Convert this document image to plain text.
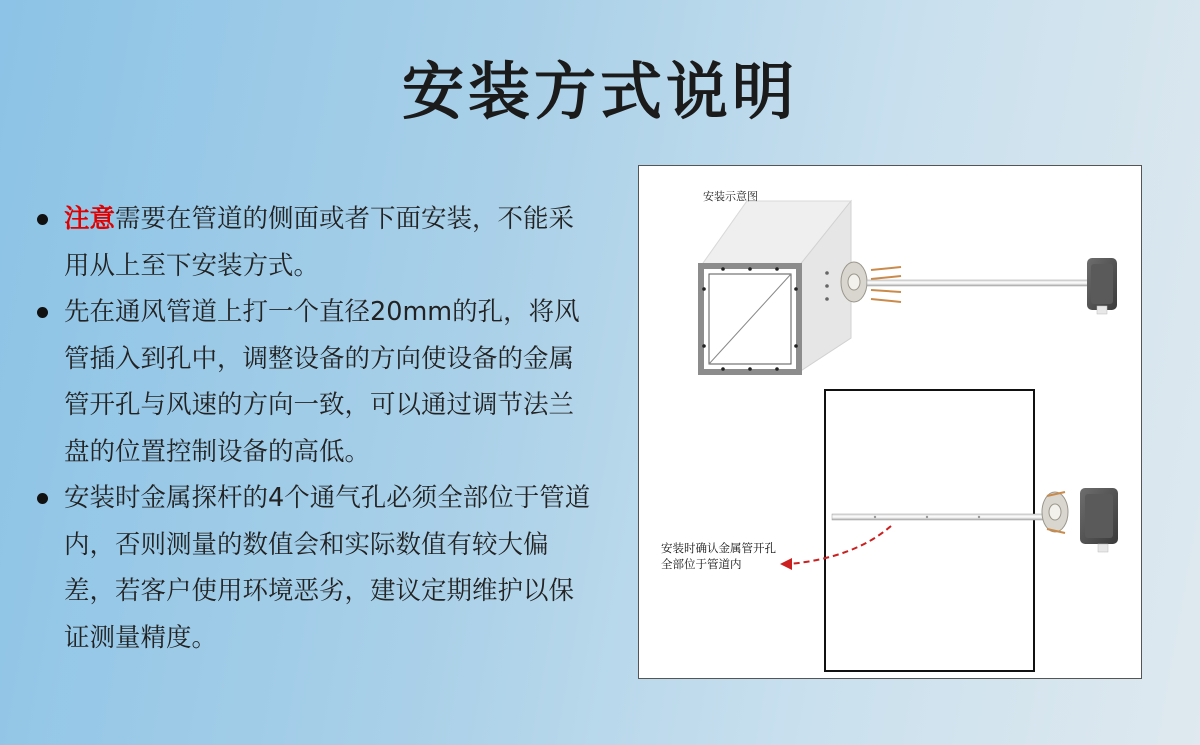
安装方式说明
注意需要在管道的侧面或者下面安装，不能采用从上至下安装方式。
先在通风管道上打一个直径20mm的孔，将风管插入到孔中，调整设备的方向使设备的金属管开孔与风速的方向一致，可以通过调节法兰盘的位置控制设备的高低。
安装时金属探杆的4个通气孔必须全部位于管道内，否则测量的数值会和实际数值有较大偏差，若客户使用环境恶劣，建议定期维护以保证测量精度。
安装示意图
安装时确认金属管开孔
全部位于管道内
